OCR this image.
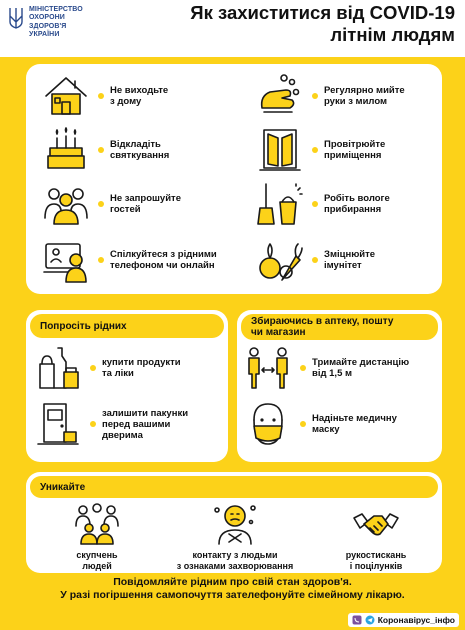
МІНІСТЕРСТВО
ОХОРОНИ
ЗДОРОВ'Я
УКРАЇНИ
Як захиститися від COVID-19
літнім людям
Не виходьте
з дому
Відкладіть
святкування
Не запрошуйте
гостей
Спілкуйтеся з рідними
телефоном чи онлайн
Регулярно мийте
руки з милом
Провітрюйте
приміщення
Робіть вологе
прибирання
Зміцнюйте
імунітет
Попросіть рідних
купити продукти
та ліки
залишити пакунки
перед вашими
дверима
Збираючись в аптеку, пошту
чи магазин
Тримайте дистанцію
від 1,5 м
Надіньте медичну
маску
Уникайте
скупчень
людей
контакту з людьми
з ознаками захворювання
рукостискань
і поцілунків
Повідомляйте рідним про свій стан здоров'я.
У разі погіршення самопочуття зателефонуйте сімейному лікарю.
Коронавірус_інфо
